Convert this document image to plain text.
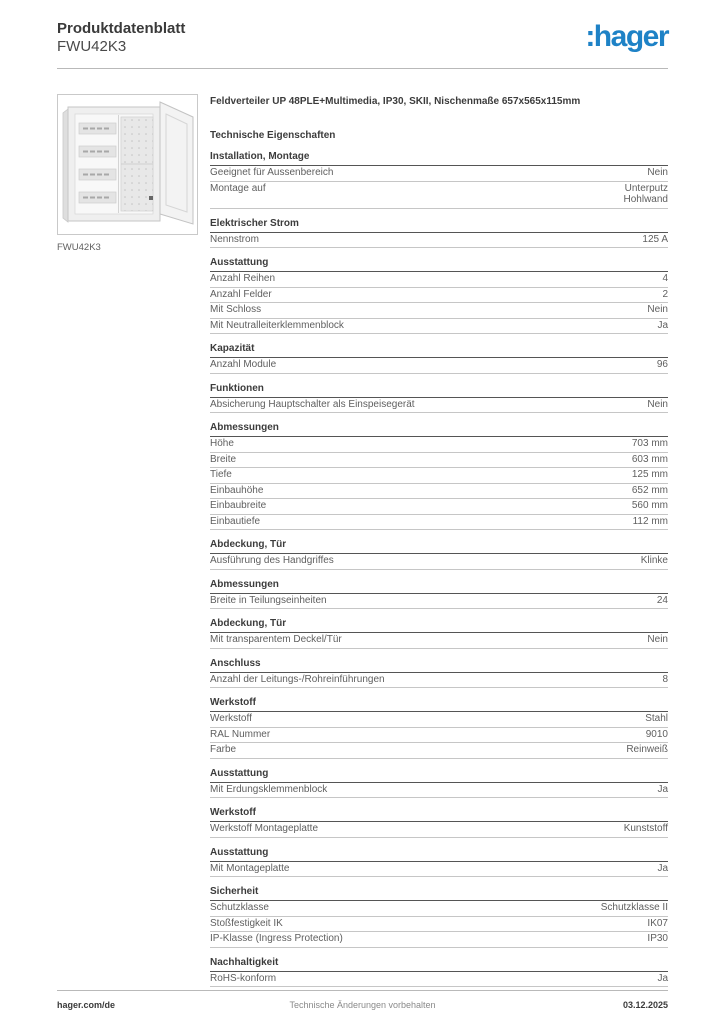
Produktdatenblatt
FWU42K3	:hager
FWU42K3
Feldverteiler UP 48PLE+Multimedia, IP30, SKII, Nischenmaße 657x565x115mm
Technische Eigenschaften
Installation, Montage
Geeignet für Aussenbereich	Nein
Montage auf	Unterputz
Hohlwand
Elektrischer Strom
Nennstrom	125 A
Ausstattung
Anzahl Reihen	4
Anzahl Felder	2
Mit Schloss	Nein
Mit Neutralleiterklemmenblock	Ja
Kapazität
Anzahl Module	96
Funktionen
Absicherung Hauptschalter als Einspeisegerät	Nein
Abmessungen
Höhe	703 mm
Breite	603 mm
Tiefe	125 mm
Einbauhöhe	652 mm
Einbaubreite	560 mm
Einbautiefe	112 mm
Abdeckung, Tür
Ausführung des Handgriffes	Klinke
Abmessungen
Breite in Teilungseinheiten	24
Abdeckung, Tür
Mit transparentem Deckel/Tür	Nein
Anschluss
Anzahl der Leitungs-/Rohreinführungen	8
Werkstoff
Werkstoff	Stahl
RAL Nummer	9010
Farbe	Reinweiß
Ausstattung
Mit Erdungsklemmenblock	Ja
Werkstoff
Werkstoff Montageplatte	Kunststoff
Ausstattung
Mit Montageplatte	Ja
Sicherheit
Schutzklasse	Schutzklasse II
Stoßfestigkeit IK	IK07
IP-Klasse (Ingress Protection)	IP30
Nachhaltigkeit
RoHS-konform	Ja
hager.com/de	Technische Änderungen vorbehalten	03.12.2025
